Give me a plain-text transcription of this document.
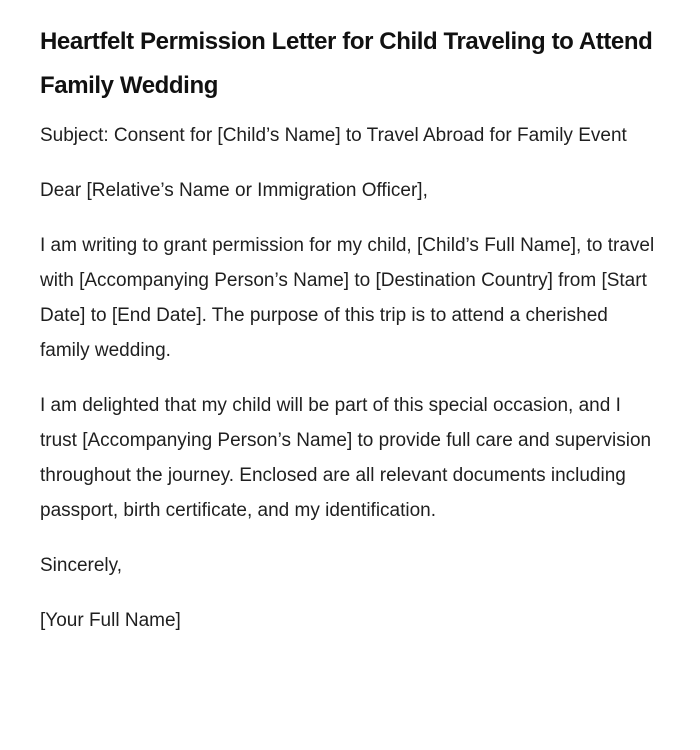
Heartfelt Permission Letter for Child Traveling to Attend Family Wedding

Subject: Consent for [Child’s Name] to Travel Abroad for Family Event

Dear [Relative’s Name or Immigration Officer],

I am writing to grant permission for my child, [Child’s Full Name], to travel with [Accompanying Person’s Name] to [Destination Country] from [Start Date] to [End Date]. The purpose of this trip is to attend a cherished family wedding.

I am delighted that my child will be part of this special occasion, and I trust [Accompanying Person’s Name] to provide full care and supervision throughout the journey. Enclosed are all relevant documents including passport, birth certificate, and my identification.

Sincerely,

[Your Full Name]
